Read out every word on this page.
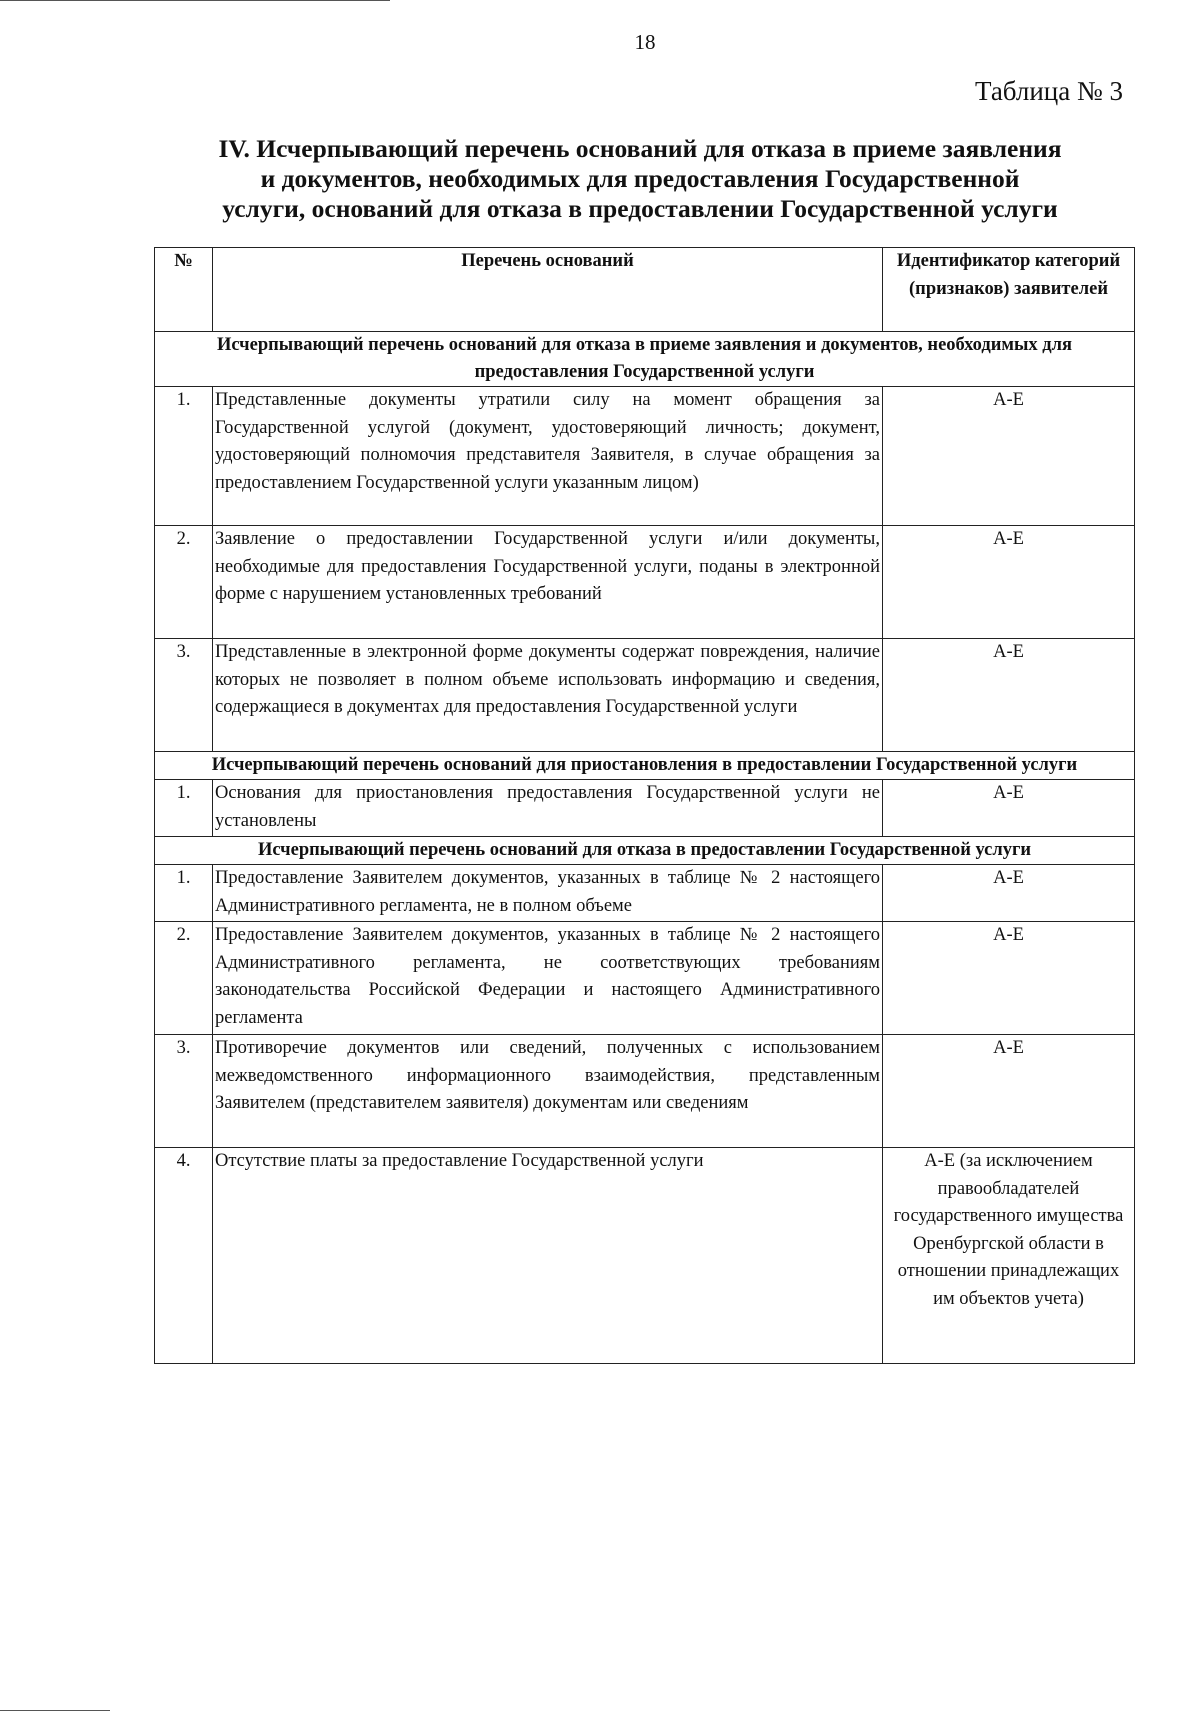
18
Таблица № 3
IV. Исчерпывающий перечень оснований для отказа в приеме заявления
и документов, необходимых для предоставления Государственной
услуги, оснований для отказа в предоставлении Государственной услуги
№	Перечень оснований	Идентификатор категорий (признаков) заявителей
Исчерпывающий перечень оснований для отказа в приеме заявления и документов, необходимых для предоставления Государственной услуги		
1.	Представленные документы утратили силу на момент обращения за Государственной услугой (документ, удостоверяющий личность; документ, удостоверяющий полномочия представителя Заявителя, в случае обращения за предоставлением Государственной услуги указанным лицом)	А-Е
2.	Заявление о предоставлении Государственной услуги и/или документы, необходимые для предоставления Государственной услуги, поданы в электронной форме с нарушением установленных требований	А-Е
3.	Представленные в электронной форме документы содержат повреждения, наличие которых не позволяет в полном объеме использовать информацию и сведения, содержащиеся в документах для предоставления Государственной услуги	А-Е
Исчерпывающий перечень оснований для приостановления в предоставлении Государственной услуги		
1.	Основания для приостановления предоставления Государственной услуги не установлены	А-Е
Исчерпывающий перечень оснований для отказа в предоставлении Государственной услуги		
1.	Предоставление Заявителем документов, указанных в таблице № 2 настоящего Административного регламента, не в полном объеме	А-Е
2.	Предоставление Заявителем документов, указанных в таблице № 2 настоящего Административного регламента, не соответствующих требованиям законодательства Российской Федерации и настоящего Административного регламента	А-Е
3.	Противоречие документов или сведений, полученных с использованием межведомственного информационного взаимодействия, представленным Заявителем (представителем заявителя) документам или сведениям	А-Е
4.	Отсутствие платы за предоставление Государственной услуги	А-Е (за исключением правообладателей государственного имущества Оренбургской области в отношении принадлежащих им объектов учета)
